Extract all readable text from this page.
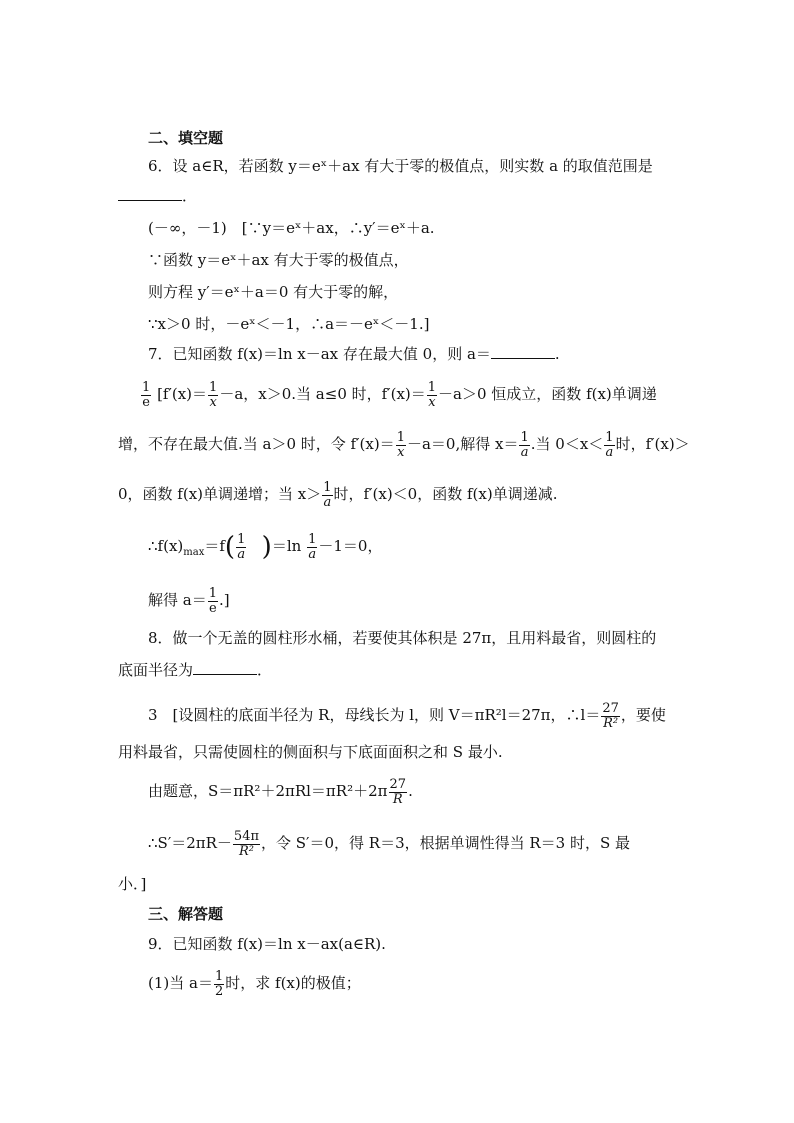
二、填空题
6．设 a∈R，若函数 y＝eˣ＋ax 有大于零的极值点，则实数 a 的取值范围是
．
(－∞，－1)　[∵y＝eˣ＋ax，∴y′＝eˣ＋a.
∵函数 y＝eˣ＋ax 有大于零的极值点，
则方程 y′＝eˣ＋a＝0 有大于零的解，
∵x＞0 时，－eˣ＜－1，∴a＝－eˣ＜－1.]
7．已知函数 f(x)＝ln x－ax 存在最大值 0，则 a＝	.
$\frac{1}{e} [f'(x)= \frac{1}{x} -a$，x＞0.当 a≤0 时，$f'(x)= \frac{1}{x} -a>0$ 恒成立，函数 f(x)单调递
增，不存在最大值.当 a＞0 时，令 $f'(x)= \frac{1}{x} -a=0$,解得 $x= \frac{1}{a}$ .当 $0<x< \frac{1}{a}$ 时，f′(x)＞
0，函数 f(x)单调递增；当 $x> \frac{1}{a}$ 时，f′(x)＜0，函数 f(x)单调递减.
$\therefore f(x)_{max}=f( \frac{1}{a} )=\ln \frac{1}{a} -1=0$，
解得 $a= \frac{1}{e}$ .]
8．做一个无盖的圆柱形水桶，若要使其体积是 27π，且用料最省，则圆柱的
底面半径为	．
3　[设圆柱的底面半径为 R，母线长为 l，则 V＝πR²l＝27π，∴l＝ $\frac{27}{\text{R²}}$ ，要使
用料最省，只需使圆柱的侧面积与下底面面积之和 S 最小.
由题意，$S=\pi R^2+2\pi Rl=\pi R^2+2\pi \frac{27}{R}$ .
∴S′＝2πR－ $\frac{54\pi}{\text{R²}}$ ，令 S′＝0，得 R＝3，根据单调性得当 R＝3 时，S 最
小．]
三、解答题
9．已知函数 f(x)＝ln x－ax(a∈R).
(1)当 $a= \frac{1}{2}$ 时，求 f(x)的极值；
